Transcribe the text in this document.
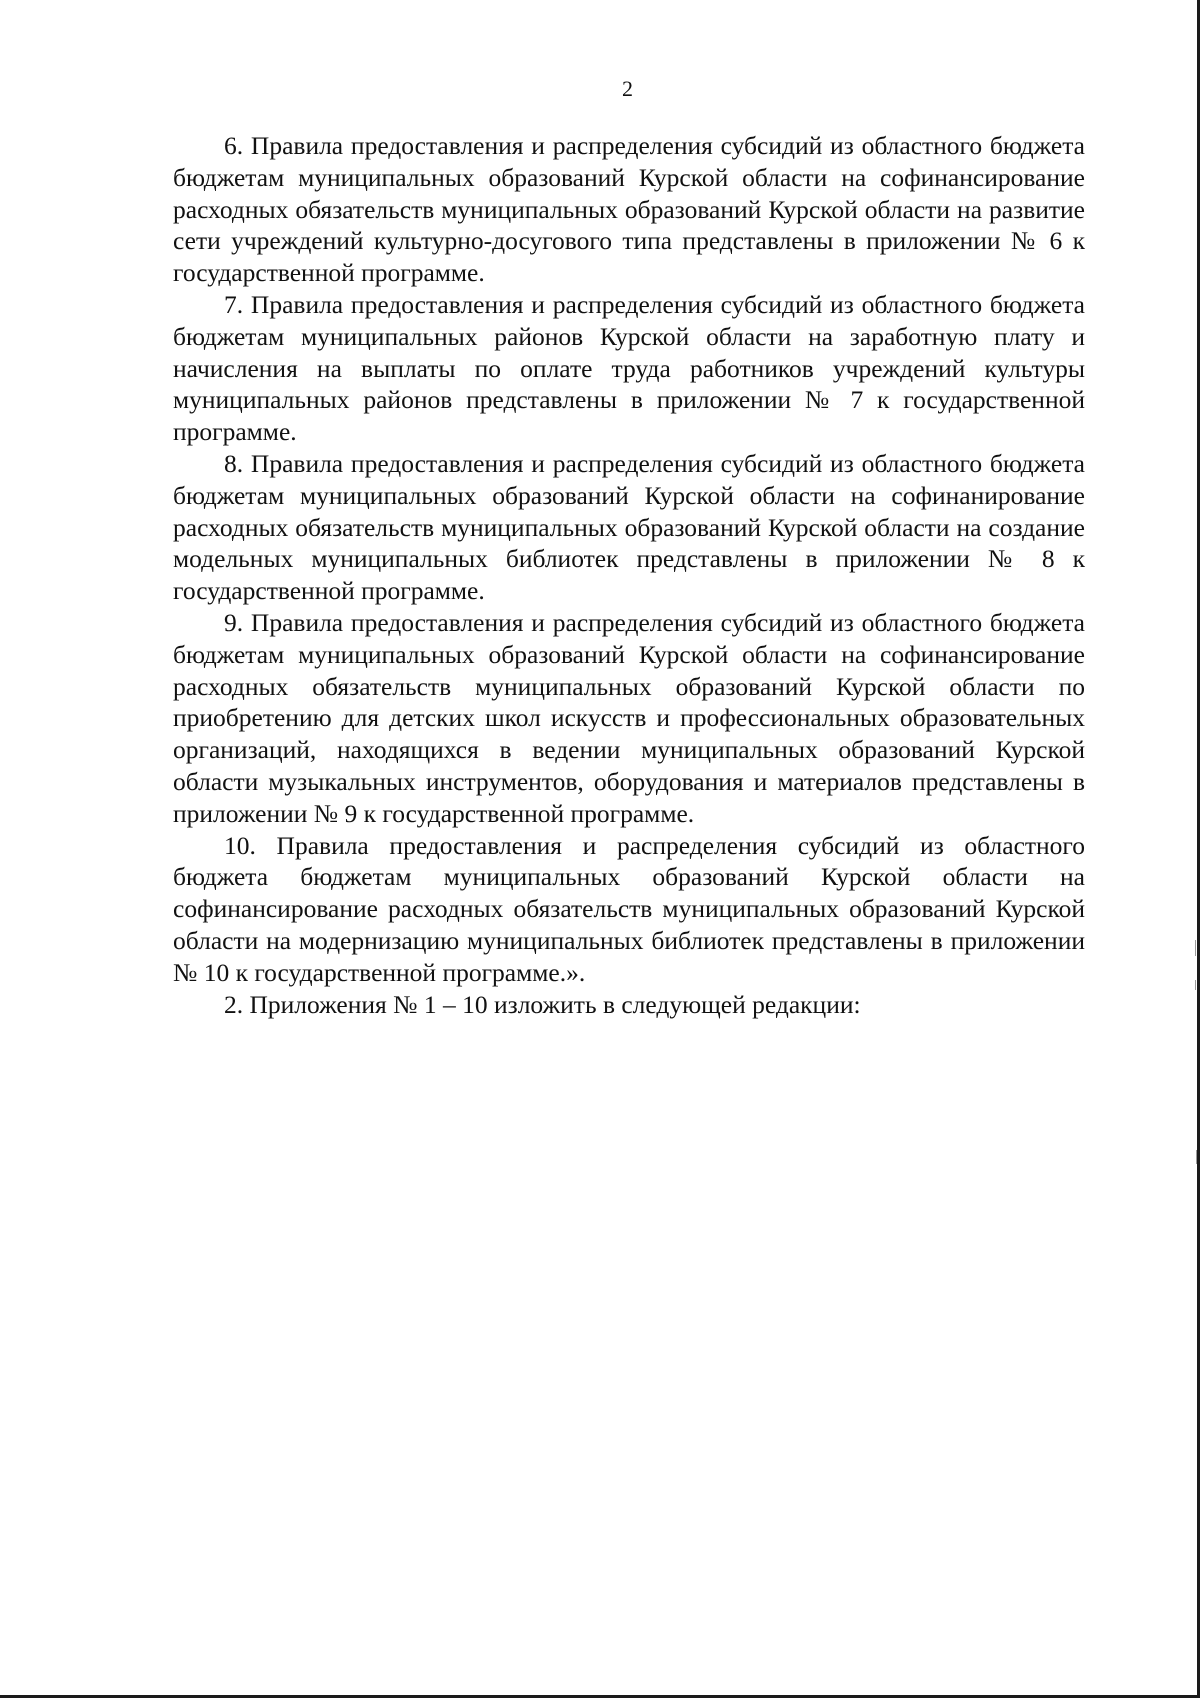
2

6. Правила предоставления и распределения субсидий из областного бюджета бюджетам муниципальных образований Курской области на софинансирование расходных обязательств муниципальных образований Курской области на развитие сети учреждений культурно-досугового типа представлены в приложении № 6 к государственной программе.

7. Правила предоставления и распределения субсидий из областного бюджета бюджетам муниципальных районов Курской области на заработную плату и начисления на выплаты по оплате труда работников учреждений культуры муниципальных районов представлены в приложении № 7 к государственной программе.

8. Правила предоставления и распределения субсидий из областного бюджета бюджетам муниципальных образований Курской области на софинанирование расходных обязательств муниципальных образований Курской области на создание модельных муниципальных библиотек представлены в приложении № 8 к государственной программе.

9. Правила предоставления и распределения субсидий из областного бюджета бюджетам муниципальных образований Курской области на софинансирование расходных обязательств муниципальных образований Курской области по приобретению для детских школ искусств и профессиональных образовательных организаций, находящихся в ведении муниципальных образований Курской области музыкальных инструментов, оборудования и материалов представлены в приложении № 9 к государственной программе.

10. Правила предоставления и распределения субсидий из областного бюджета бюджетам муниципальных образований Курской области на софинансирование расходных обязательств муниципальных образований Курской области на модернизацию муниципальных библиотек представлены в приложении № 10 к государственной программе.».

2. Приложения № 1 – 10 изложить в следующей редакции:
